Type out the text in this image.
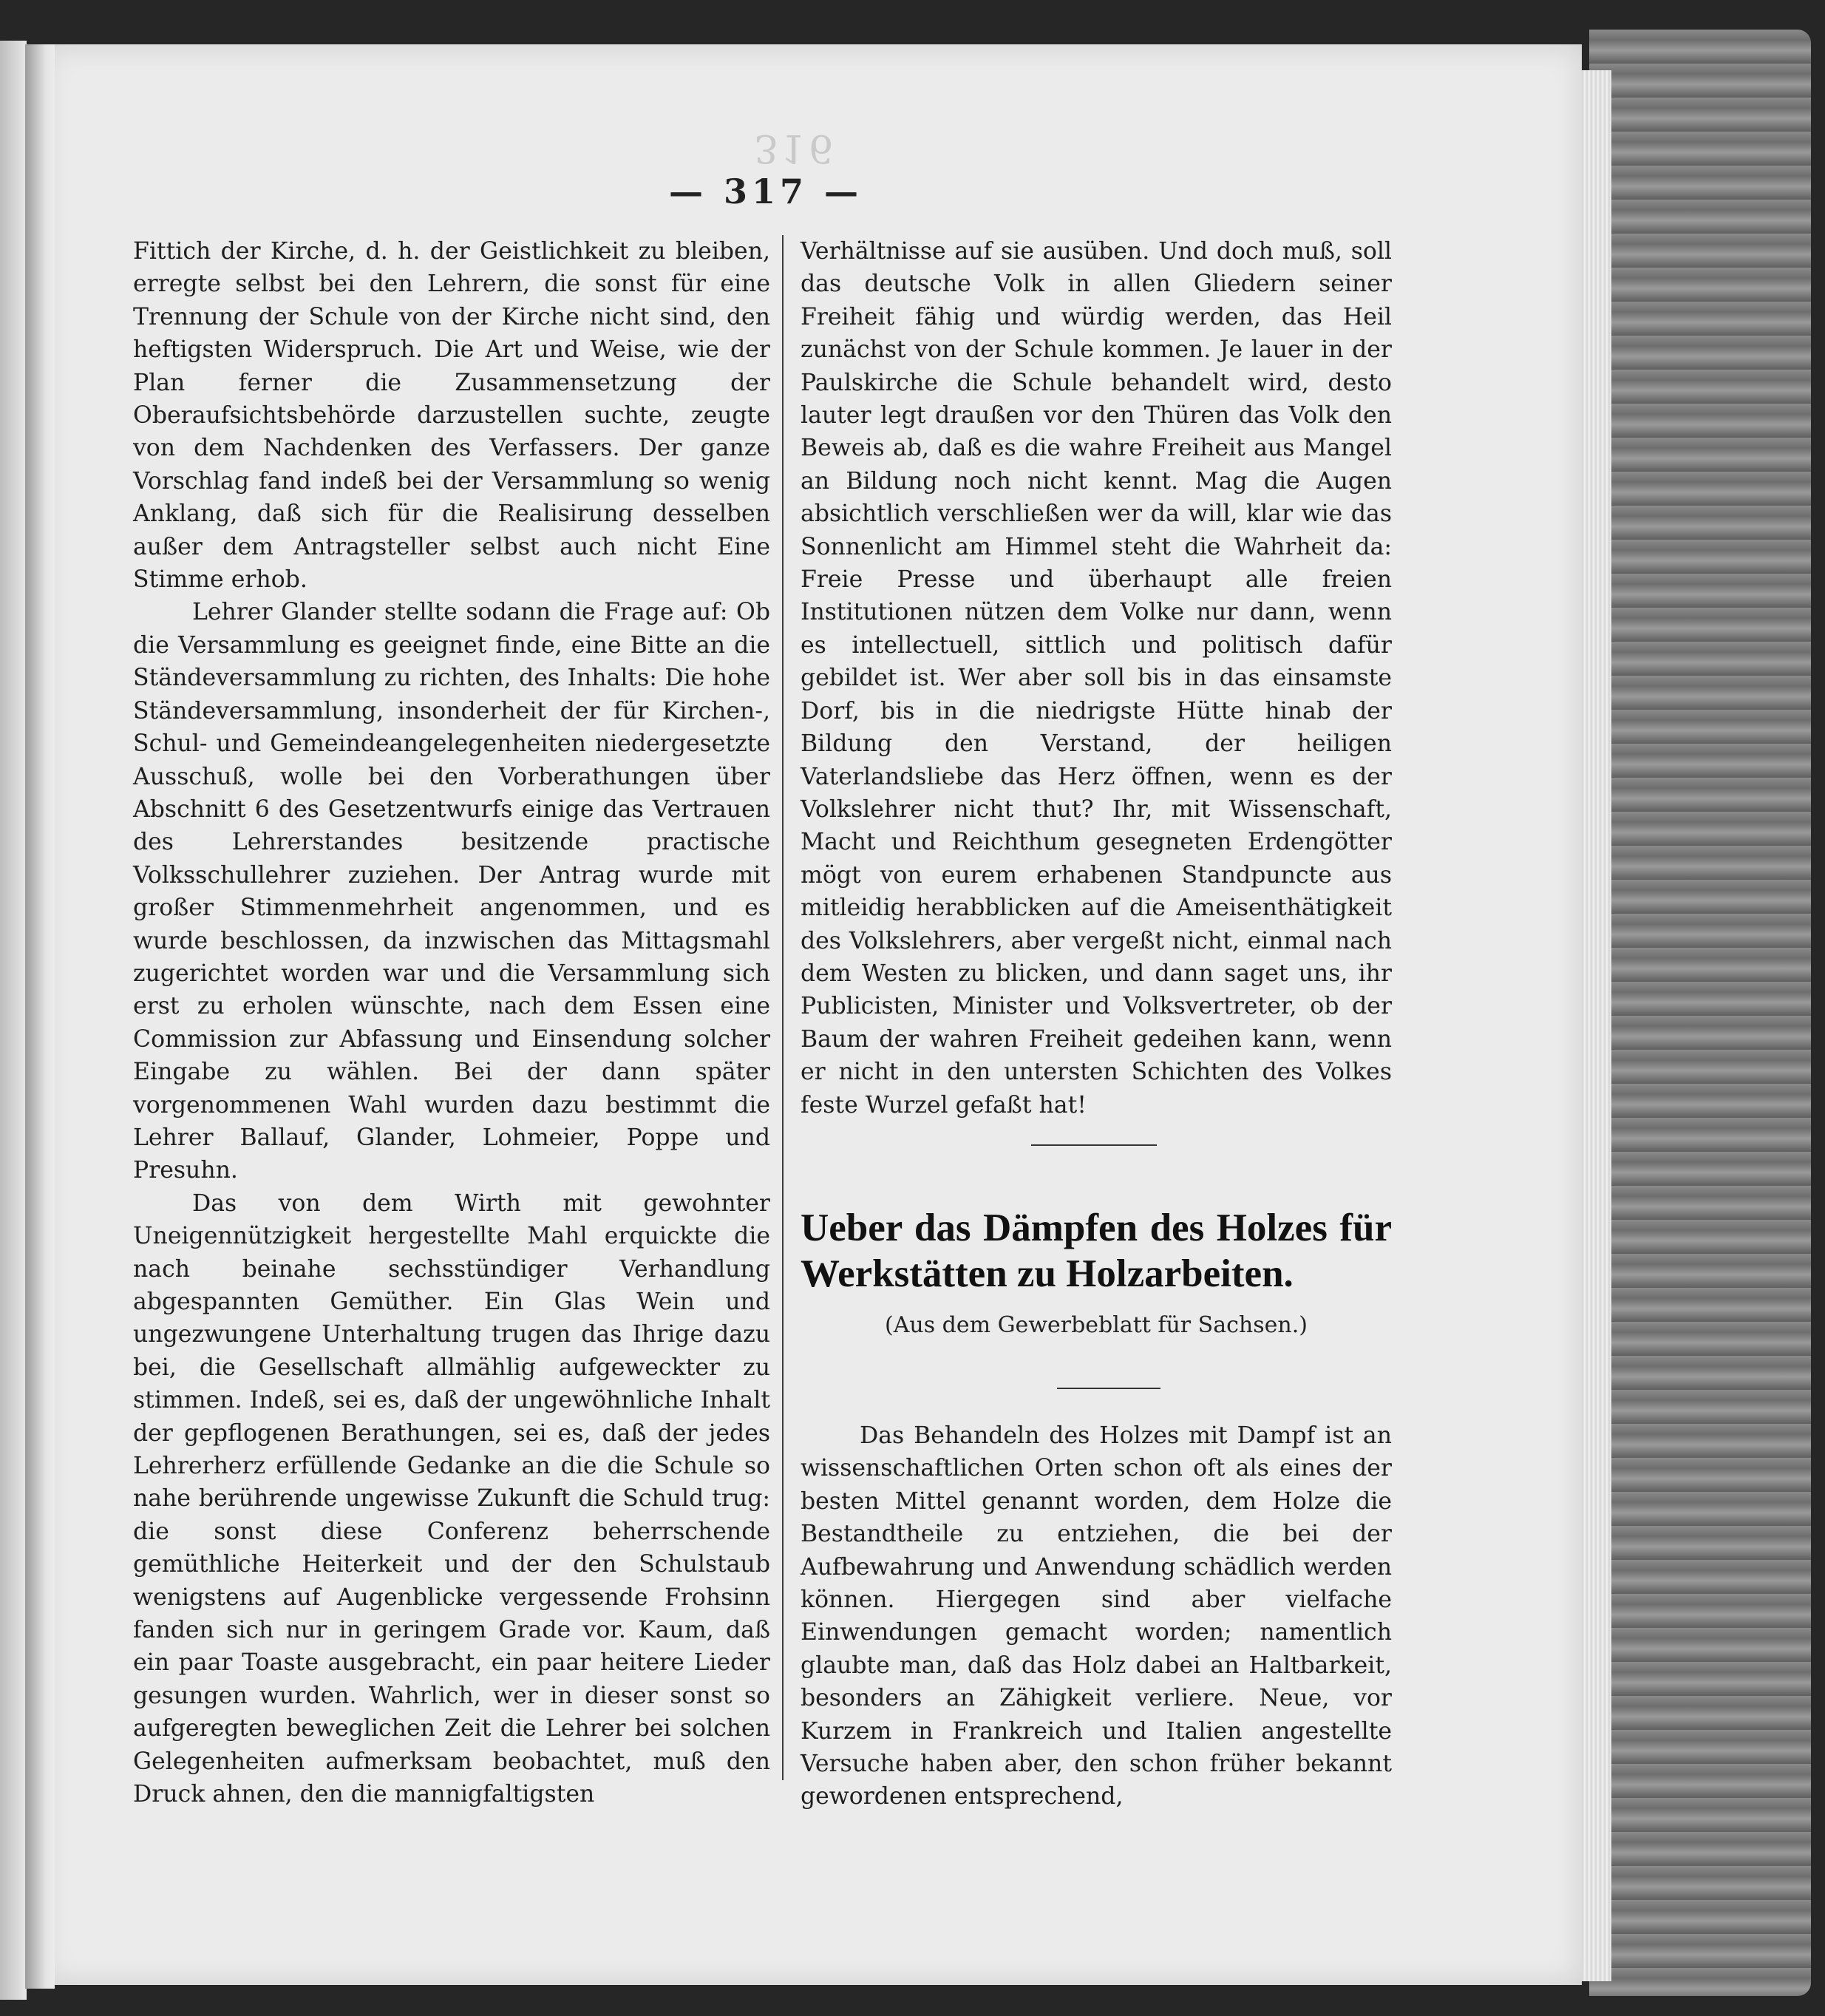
316
— 317 —

Fittich der Kirche, d. h. der Geistlichkeit zu bleiben, erregte selbst bei den Lehrern, die sonst für eine Trennung der Schule von der Kirche nicht sind, den heftigsten Widerspruch. Die Art und Weise, wie der Plan ferner die Zusammensetzung der Oberaufsichtsbehörde darzustellen suchte, zeugte von dem Nachdenken des Verfassers. Der ganze Vorschlag fand indeß bei der Versammlung so wenig Anklang, daß sich für die Realisirung desselben außer dem Antragsteller selbst auch nicht Eine Stimme erhob.

Lehrer Glander stellte sodann die Frage auf: Ob die Versammlung es geeignet finde, eine Bitte an die Ständeversammlung zu richten, des Inhalts: Die hohe Ständeversammlung, insonderheit der für Kirchen-, Schul- und Gemeindeangelegenheiten niedergesetzte Ausschuß, wolle bei den Vorberathungen über Abschnitt 6 des Gesetzentwurfs einige das Vertrauen des Lehrerstandes besitzende practische Volksschullehrer zuziehen. Der Antrag wurde mit großer Stimmenmehrheit angenommen, und es wurde beschlossen, da inzwischen das Mittagsmahl zugerichtet worden war und die Versammlung sich erst zu erholen wünschte, nach dem Essen eine Commission zur Abfassung und Einsendung solcher Eingabe zu wählen. Bei der dann später vorgenommenen Wahl wurden dazu bestimmt die Lehrer Ballauf, Glander, Lohmeier, Poppe und Presuhn.

Das von dem Wirth mit gewohnter Uneigennützigkeit hergestellte Mahl erquickte die nach beinahe sechsstündiger Verhandlung abgespannten Gemüther. Ein Glas Wein und ungezwungene Unterhaltung trugen das Ihrige dazu bei, die Gesellschaft allmählig aufgeweckter zu stimmen. Indeß, sei es, daß der ungewöhnliche Inhalt der gepflogenen Berathungen, sei es, daß der jedes Lehrerherz erfüllende Gedanke an die die Schule so nahe berührende ungewisse Zukunft die Schuld trug: die sonst diese Conferenz beherrschende gemüthliche Heiterkeit und der den Schulstaub wenigstens auf Augenblicke vergessende Frohsinn fanden sich nur in geringem Grade vor. Kaum, daß ein paar Toaste ausgebracht, ein paar heitere Lieder gesungen wurden. Wahrlich, wer in dieser sonst so aufgeregten beweglichen Zeit die Lehrer bei solchen Gelegenheiten aufmerksam beobachtet, muß den Druck ahnen, den die mannigfaltigsten

Verhältnisse auf sie ausüben. Und doch muß, soll das deutsche Volk in allen Gliedern seiner Freiheit fähig und würdig werden, das Heil zunächst von der Schule kommen. Je lauer in der Paulskirche die Schule behandelt wird, desto lauter legt draußen vor den Thüren das Volk den Beweis ab, daß es die wahre Freiheit aus Mangel an Bildung noch nicht kennt. Mag die Augen absichtlich verschließen wer da will, klar wie das Sonnenlicht am Himmel steht die Wahrheit da: Freie Presse und überhaupt alle freien Institutionen nützen dem Volke nur dann, wenn es intellectuell, sittlich und politisch dafür gebildet ist. Wer aber soll bis in das einsamste Dorf, bis in die niedrigste Hütte hinab der Bildung den Verstand, der heiligen Vaterlandsliebe das Herz öffnen, wenn es der Volkslehrer nicht thut? Ihr, mit Wissenschaft, Macht und Reichthum gesegneten Erdengötter mögt von eurem erhabenen Standpuncte aus mitleidig herabblicken auf die Ameisenthätigkeit des Volkslehrers, aber vergeßt nicht, einmal nach dem Westen zu blicken, und dann saget uns, ihr Publicisten, Minister und Volksvertreter, ob der Baum der wahren Freiheit gedeihen kann, wenn er nicht in den untersten Schichten des Volkes feste Wurzel gefaßt hat!

Ueber das Dämpfen des Holzes für Werkstätten zu Holzarbeiten.
(Aus dem Gewerbeblatt für Sachsen.)

Das Behandeln des Holzes mit Dampf ist an wissenschaftlichen Orten schon oft als eines der besten Mittel genannt worden, dem Holze die Bestandtheile zu entziehen, die bei der Aufbewahrung und Anwendung schädlich werden können. Hiergegen sind aber vielfache Einwendungen gemacht worden; namentlich glaubte man, daß das Holz dabei an Haltbarkeit, besonders an Zähigkeit verliere. Neue, vor Kurzem in Frankreich und Italien angestellte Versuche haben aber, den schon früher bekannt gewordenen entsprechend,
